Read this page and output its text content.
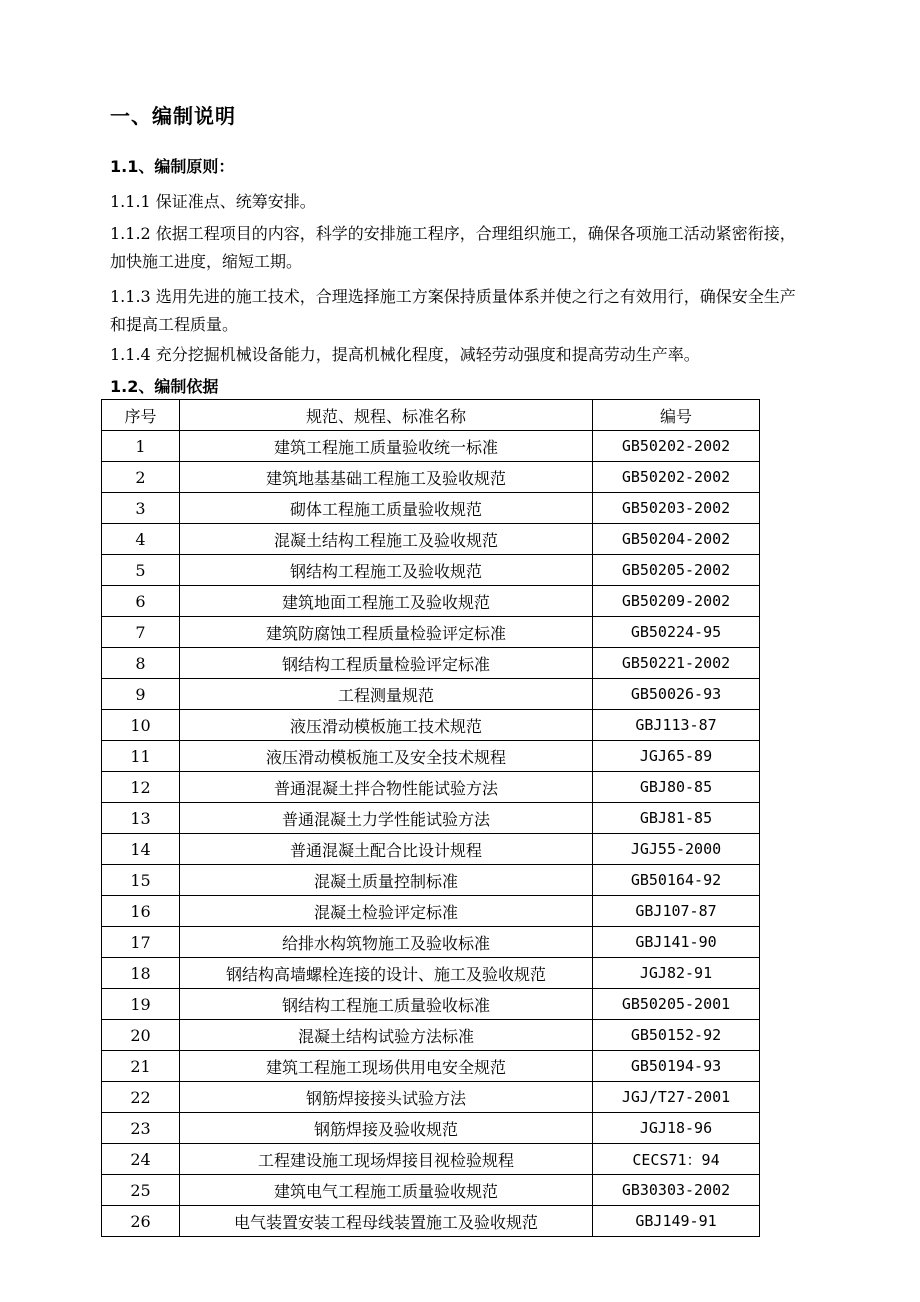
一、编制说明

1.1、编制原则：

1.1.1 保证准点、统筹安排。

1.1.2 依据工程项目的内容，科学的安排施工程序，合理组织施工，确保各项施工活动紧密衔接，加快施工进度，缩短工期。

1.1.3 选用先进的施工技术，合理选择施工方案保持质量体系并使之行之有效用行，确保安全生产和提高工程质量。

1.1.4 充分挖掘机械设备能力，提高机械化程度，减轻劳动强度和提高劳动生产率。

1.2、编制依据

序号	规范、规程、标准名称	编号
1	建筑工程施工质量验收统一标准	GB50202-2002
2	建筑地基基础工程施工及验收规范	GB50202-2002
3	砌体工程施工质量验收规范	GB50203-2002
4	混凝土结构工程施工及验收规范	GB50204-2002
5	钢结构工程施工及验收规范	GB50205-2002
6	建筑地面工程施工及验收规范	GB50209-2002
7	建筑防腐蚀工程质量检验评定标准	GB50224-95
8	钢结构工程质量检验评定标准	GB50221-2002
9	工程测量规范	GB50026-93
10	液压滑动模板施工技术规范	GBJ113-87
11	液压滑动模板施工及安全技术规程	JGJ65-89
12	普通混凝土拌合物性能试验方法	GBJ80-85
13	普通混凝土力学性能试验方法	GBJ81-85
14	普通混凝土配合比设计规程	JGJ55-2000
15	混凝土质量控制标准	GB50164-92
16	混凝土检验评定标准	GBJ107-87
17	给排水构筑物施工及验收标准	GBJ141-90
18	钢结构高墙螺栓连接的设计、施工及验收规范	JGJ82-91
19	钢结构工程施工质量验收标准	GB50205-2001
20	混凝土结构试验方法标准	GB50152-92
21	建筑工程施工现场供用电安全规范	GB50194-93
22	钢筋焊接接头试验方法	JGJ/T27-2001
23	钢筋焊接及验收规范	JGJ18-96
24	工程建设施工现场焊接目视检验规程	CECS71：94
25	建筑电气工程施工质量验收规范	GB30303-2002
26	电气装置安装工程母线装置施工及验收规范	GBJ149-91
